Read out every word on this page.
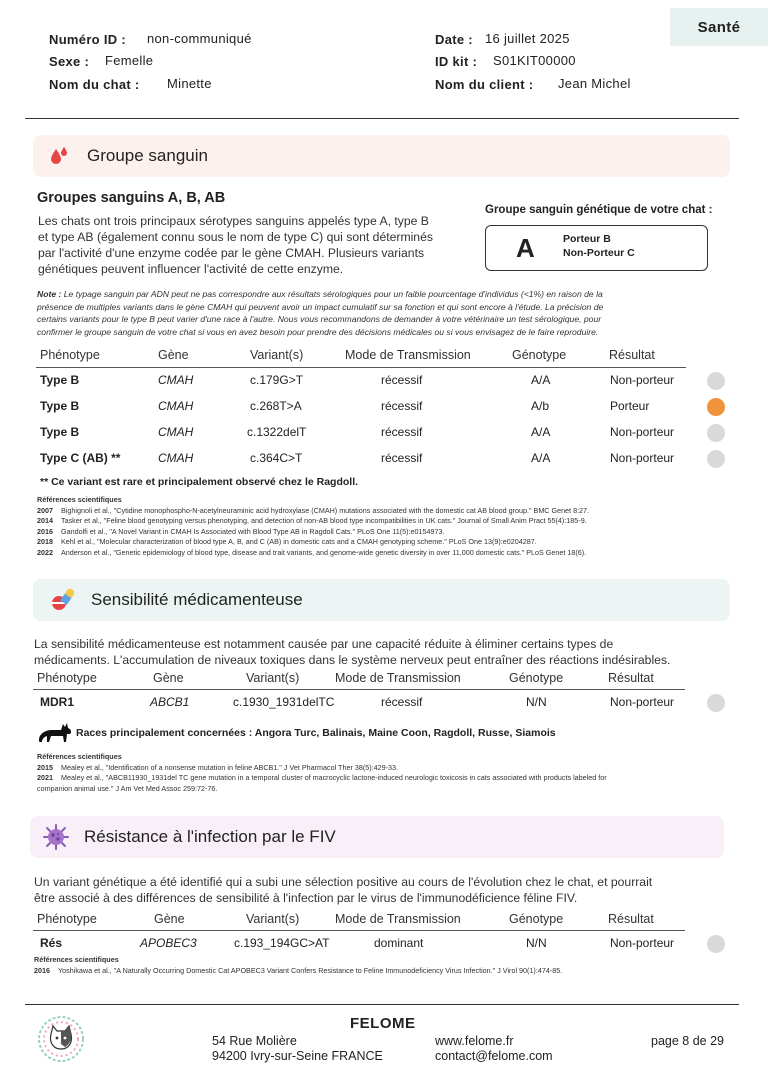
Santé
Numéro ID : non-communiqué
Sexe : Femelle
Nom du chat : Minette
Date : 16 juillet 2025
ID kit : S01KIT00000
Nom du client : Jean Michel
Groupe sanguin
Groupes sanguins A, B, AB
Les chats ont trois principaux sérotypes sanguins appelés type A, type B
et type AB (également connu sous le nom de type C) qui sont déterminés
par l'activité d'une enzyme codée par le gène CMAH. Plusieurs variants
génétiques peuvent influencer l'activité de cette enzyme.
Groupe sanguin génétique de votre chat :
A	Porteur B
Non-Porteur C
Note : Le typage sanguin par ADN peut ne pas correspondre aux résultats sérologiques pour un faible pourcentage d'individus (<1%) en raison de la
présence de multiples variants dans le gène CMAH qui peuvent avoir un impact cumulatif sur sa fonction et qui sont encore à l'étude. La précision de
certains variants pour le type B peut varier d'une race à l'autre. Nous vous recommandons de demander à votre vétérinaire un test sérologique, pour
confirmer le groupe sanguin de votre chat si vous en avez besoin pour prendre des décisions médicales ou si vous envisagez de le faire reproduire.
Phénotype	Gène	Variant(s)	Mode de Transmission	Génotype	Résultat
Type B	CMAH	c.179G>T	récessif	A/A	Non-porteur
Type B	CMAH	c.268T>A	récessif	A/b	Porteur
Type B	CMAH	c.1322delT	récessif	A/A	Non-porteur
Type C (AB) **	CMAH	c.364C>T	récessif	A/A	Non-porteur
** Ce variant est rare et principalement observé chez le Ragdoll.
Références scientifiques
2007 Bighignoli et al., "Cytidine monophospho-N-acetylneuraminic acid hydroxylase (CMAH) mutations associated with the domestic cat AB blood group." BMC Genet 8:27.
2014 Tasker et al., "Feline blood genotyping versus phenotyping, and detection of non-AB blood type incompatibilities in UK cats." Journal of Small Anim Pract 55(4):185-9.
2016 Gandolfi et al., "A Novel Variant in CMAH Is Associated with Blood Type AB in Ragdoll Cats." PLoS One 11(5):e0154973.
2018 Kehl et al., "Molecular characterization of blood type A, B, and C (AB) in domestic cats and a CMAH genotyping scheme." PLoS One 13(9):e0204287.
2022 Anderson et al., "Genetic epidemiology of blood type, disease and trait variants, and genome-wide genetic diversity in over 11,000 domestic cats." PLoS Genet 18(6).
Sensibilité médicamenteuse
La sensibilité médicamenteuse est notamment causée par une capacité réduite à éliminer certains types de
médicaments. L'accumulation de niveaux toxiques dans le système nerveux peut entraîner des réactions indésirables.
Phénotype	Gène	Variant(s)	Mode de Transmission	Génotype	Résultat
MDR1	ABCB1	c.1930_1931delTC	récessif	N/N	Non-porteur
Races principalement concernées : Angora Turc, Balinais, Maine Coon, Ragdoll, Russe, Siamois
Références scientifiques
2015 Mealey et al., "Identification of a nonsense mutation in feline ABCB1." J Vet Pharmacol Ther 38(5):429-33.
2021 Mealey et al., "ABCB11930_1931del TC gene mutation in a temporal cluster of macrocyclic lactone-induced neurologic toxicosis in cats associated with products labeled for
companion animal use." J Am Vet Med Assoc 259:72-76.
Résistance à l'infection par le FIV
Un variant génétique a été identifié qui a subi une sélection positive au cours de l'évolution chez le chat, et pourrait
être associé à des différences de sensibilité à l'infection par le virus de l'immunodéficience féline FIV.
Phénotype	Gène	Variant(s)	Mode de Transmission	Génotype	Résultat
Rés	APOBEC3	c.193_194GC>AT	dominant	N/N	Non-porteur
Références scientifiques
2016 Yoshikawa et al., "A Naturally Occurring Domestic Cat APOBEC3 Variant Confers Resistance to Feline Immunodeficiency Virus Infection." J Virol 90(1):474-85.
FELOME
54 Rue Molière
94200 Ivry-sur-Seine FRANCE
www.felome.fr
contact@felome.com
page 8 de 29
